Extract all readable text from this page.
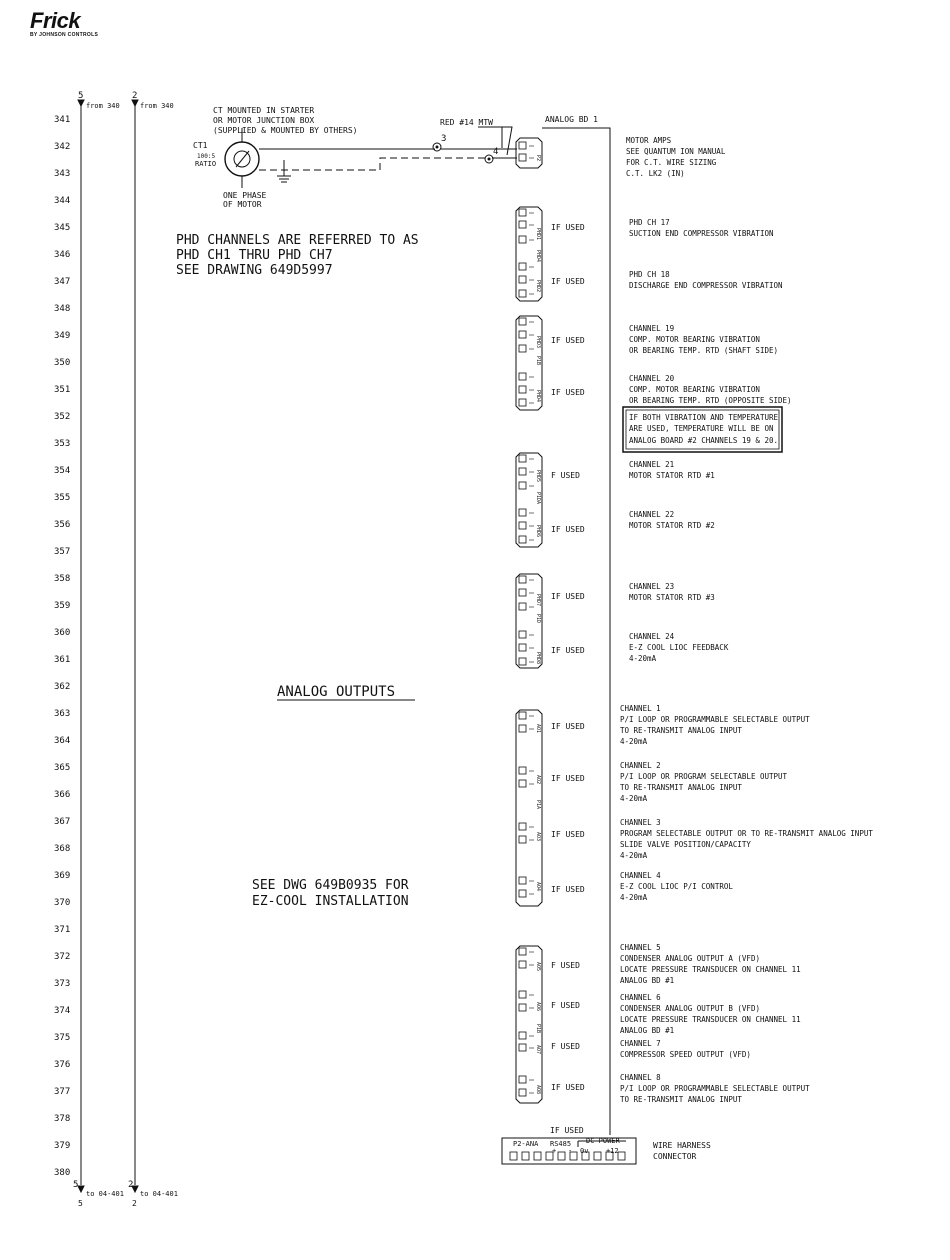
Frick
BY JOHNSON CONTROLS
5
from 340
2
from 340
5
to 04-401
5
2
to 04-401
2
341
342
343
344
345
346
347
348
349
350
351
352
353
354
355
356
357
358
359
360
361
362
363
364
365
366
367
368
369
370
371
372
373
374
375
376
377
378
379
380
CT MOUNTED IN STARTER
OR MOTOR JUNCTION BOX
(SUPPLIED & MOUNTED BY OTHERS)
CT1
100:5
RATIO
ONE PHASE
OF MOTOR
RED #14 MTW
3
4
ANALOG BD 1
P2
PHD1
PHD4
PHD2
PHD3
P1B
PHD4
PHD5
P1DA
PHD6
PHD7
P1D
PHD8
AO1
AO2
P1A
AO3
AO4
AO5
AO6
P1B
AO7
AO8
PHD CHANNELS ARE REFERRED TO AS
PHD CH1 THRU PHD CH7
SEE DRAWING 649D5997
ANALOG OUTPUTS
SEE DWG 649B0935 FOR
EZ-COOL INSTALLATION
IF USED
IF USED
IF USED
IF USED
F USED
IF USED
IF USED
IF USED
IF USED
IF USED
IF USED
IF USED
F USED
F USED
F USED
IF USED
MOTOR AMPS
SEE QUANTUM ION MANUAL
FOR C.T. WIRE SIZING
C.T. LK2 (IN)
PHD CH 17
SUCTION END COMPRESSOR VIBRATION
PHD CH 18
DISCHARGE END COMPRESSOR VIBRATION
CHANNEL 19
COMP. MOTOR BEARING VIBRATION
OR BEARING TEMP. RTD (SHAFT SIDE)
CHANNEL 20
COMP. MOTOR BEARING VIBRATION
OR BEARING TEMP. RTD (OPPOSITE SIDE)
CHANNEL 21
MOTOR STATOR RTD #1
CHANNEL 22
MOTOR STATOR RTD #2
CHANNEL 23
MOTOR STATOR RTD #3
CHANNEL 24
E-Z COOL LIOC FEEDBACK
4-20mA
CHANNEL 1
P/I LOOP OR PROGRAMMABLE SELECTABLE OUTPUT
TO RE-TRANSMIT ANALOG INPUT
4-20mA
CHANNEL 2
P/I LOOP OR PROGRAM SELECTABLE OUTPUT
TO RE-TRANSMIT ANALOG INPUT
4-20mA
CHANNEL 3
PROGRAM SELECTABLE OUTPUT OR TO RE-TRANSMIT ANALOG INPUT
SLIDE VALVE POSITION/CAPACITY
4-20mA
CHANNEL 4
E-Z COOL LIOC P/I CONTROL
4-20mA
CHANNEL 5
CONDENSER ANALOG OUTPUT A (VFD)
LOCATE PRESSURE TRANSDUCER ON CHANNEL 11
ANALOG BD #1
CHANNEL 6
CONDENSER ANALOG OUTPUT B (VFD)
LOCATE PRESSURE TRANSDUCER ON CHANNEL 11
ANALOG BD #1
CHANNEL 7
COMPRESSOR SPEED OUTPUT (VFD)
CHANNEL 8
P/I LOOP OR PROGRAMMABLE SELECTABLE OUTPUT
TO RE-TRANSMIT ANALOG INPUT
IF BOTH VIBRATION AND TEMPERATURE
ARE USED, TEMPERATURE WILL BE ON
ANALOG BOARD #2 CHANNELS 19 & 20.
P2-ANA RS485 DC POWER
+ - 0v	+12
IF USED
WIRE HARNESS
CONNECTOR
